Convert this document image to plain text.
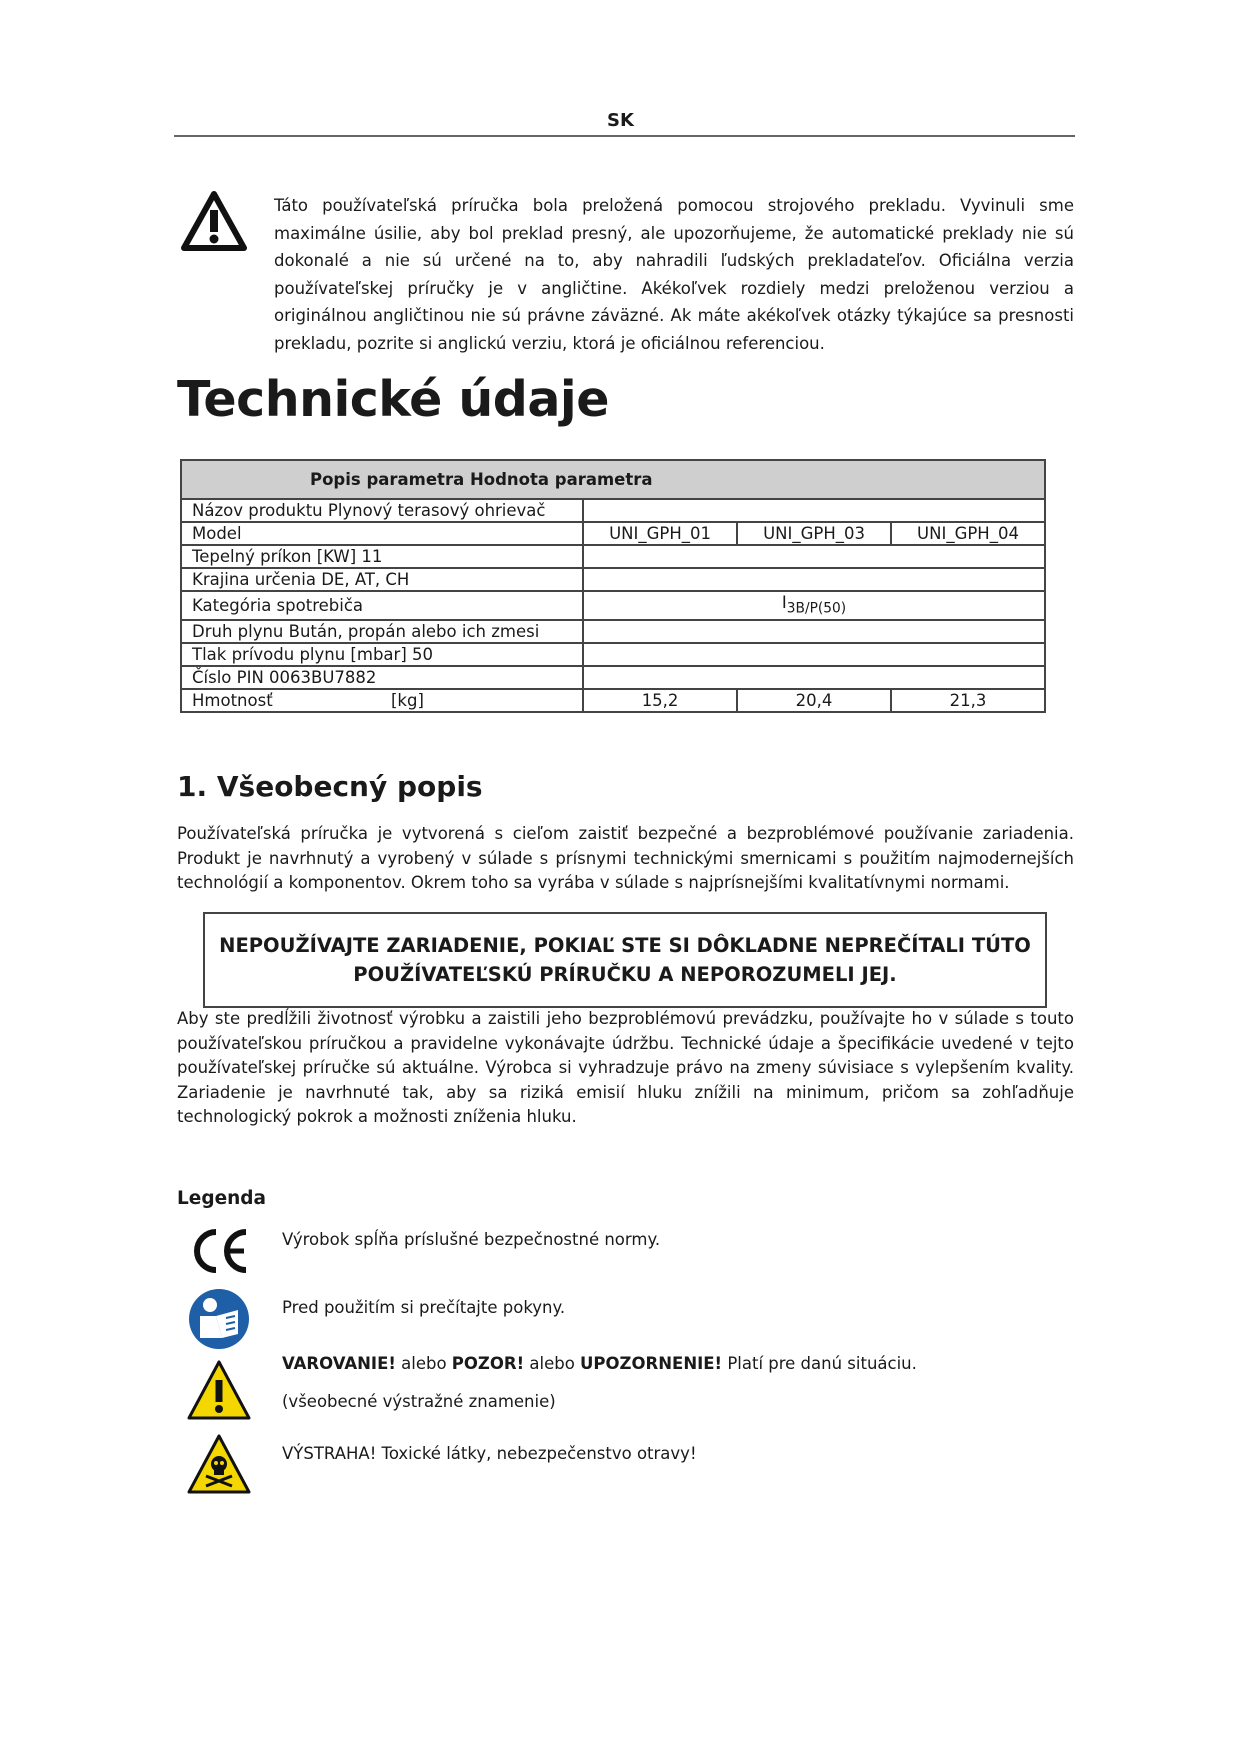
SK
Táto používateľská príručka bola preložená pomocou strojového prekladu. Vyvinuli sme maximálne úsilie, aby bol preklad presný, ale upozorňujeme, že automatické preklady nie sú dokonalé a nie sú určené na to, aby nahradili ľudských prekladateľov. Oficiálna verzia používateľskej príručky je v angličtine. Akékoľvek rozdiely medzi preloženou verziou a originálnou angličtinou nie sú právne záväzné. Ak máte akékoľvek otázky týkajúce sa presnosti prekladu, pozrite si anglickú verziu, ktorá je oficiálnou referenciou.
Technické údaje
Popis parametra Hodnota parametra			
Názov produktu Plynový terasový ohrievač			
Model	UNI_GPH_01	UNI_GPH_03	UNI_GPH_04
Tepelný príkon [KW] 11			
Krajina určenia DE, AT, CH			
Kategória spotrebiča	$I_{3B/P(50)}$
Druh plynu Bután, propán alebo ich zmesi			
Tlak prívodu plynu [mbar] 50			
Číslo PIN 0063BU7882			
Hmotnosť [kg]	15,2	20,4	21,3
1. Všeobecný popis
Používateľská príručka je vytvorená s cieľom zaistiť bezpečné a bezproblémové používanie zariadenia. Produkt je navrhnutý a vyrobený v súlade s prísnymi technickými smernicami s použitím najmodernejších technológií a komponentov. Okrem toho sa vyrába v súlade s najprísnejšími kvalitatívnymi normami.
NEPOUŽÍVAJTE ZARIADENIE, POKIAĽ STE SI DÔKLADNE NEPREČÍTALI TÚTO
POUŽÍVATEĽSKÚ PRÍRUČKU A NEPOROZUMELI JEJ.
Aby ste predĺžili životnosť výrobku a zaistili jeho bezproblémovú prevádzku, používajte ho v súlade s touto používateľskou príručkou a pravidelne vykonávajte údržbu. Technické údaje a špecifikácie uvedené v tejto používateľskej príručke sú aktuálne. Výrobca si vyhradzuje právo na zmeny súvisiace s vylepšením kvality. Zariadenie je navrhnuté tak, aby sa riziká emisií hluku znížili na minimum, pričom sa zohľadňuje technologický pokrok a možnosti zníženia hluku.
Legenda
Výrobok spĺňa príslušné bezpečnostné normy.
Pred použitím si prečítajte pokyny.
VAROVANIE! alebo POZOR! alebo UPOZORNENIE! Platí pre danú situáciu.
(všeobecné výstražné znamenie)
VÝSTRAHA! Toxické látky, nebezpečenstvo otravy!
